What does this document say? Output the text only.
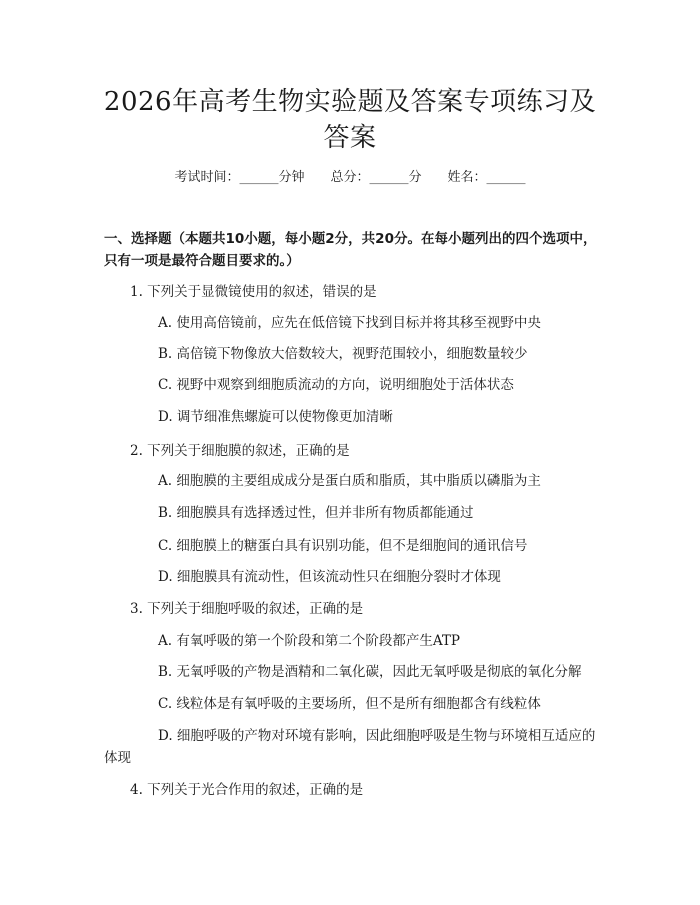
2026年高考生物实验题及答案专项练习及答案
考试时间：______分钟 总分：______分 姓名：______
一、选择题（本题共10小题，每小题2分，共20分。在每小题列出的四个选项中，只有一项是最符合题目要求的。）
1. 下列关于显微镜使用的叙述，错误的是
A. 使用高倍镜前，应先在低倍镜下找到目标并将其移至视野中央
B. 高倍镜下物像放大倍数较大，视野范围较小，细胞数量较少
C. 视野中观察到细胞质流动的方向，说明细胞处于活体状态
D. 调节细准焦螺旋可以使物像更加清晰
2. 下列关于细胞膜的叙述，正确的是
A. 细胞膜的主要组成成分是蛋白质和脂质，其中脂质以磷脂为主
B. 细胞膜具有选择透过性，但并非所有物质都能通过
C. 细胞膜上的糖蛋白具有识别功能，但不是细胞间的通讯信号
D. 细胞膜具有流动性，但该流动性只在细胞分裂时才体现
3. 下列关于细胞呼吸的叙述，正确的是
A. 有氧呼吸的第一个阶段和第二个阶段都产生ATP
B. 无氧呼吸的产物是酒精和二氧化碳，因此无氧呼吸是彻底的氧化分解
C. 线粒体是有氧呼吸的主要场所，但不是所有细胞都含有线粒体
D. 细胞呼吸的产物对环境有影响，因此细胞呼吸是生物与环境相互适应的体现
4. 下列关于光合作用的叙述，正确的是
